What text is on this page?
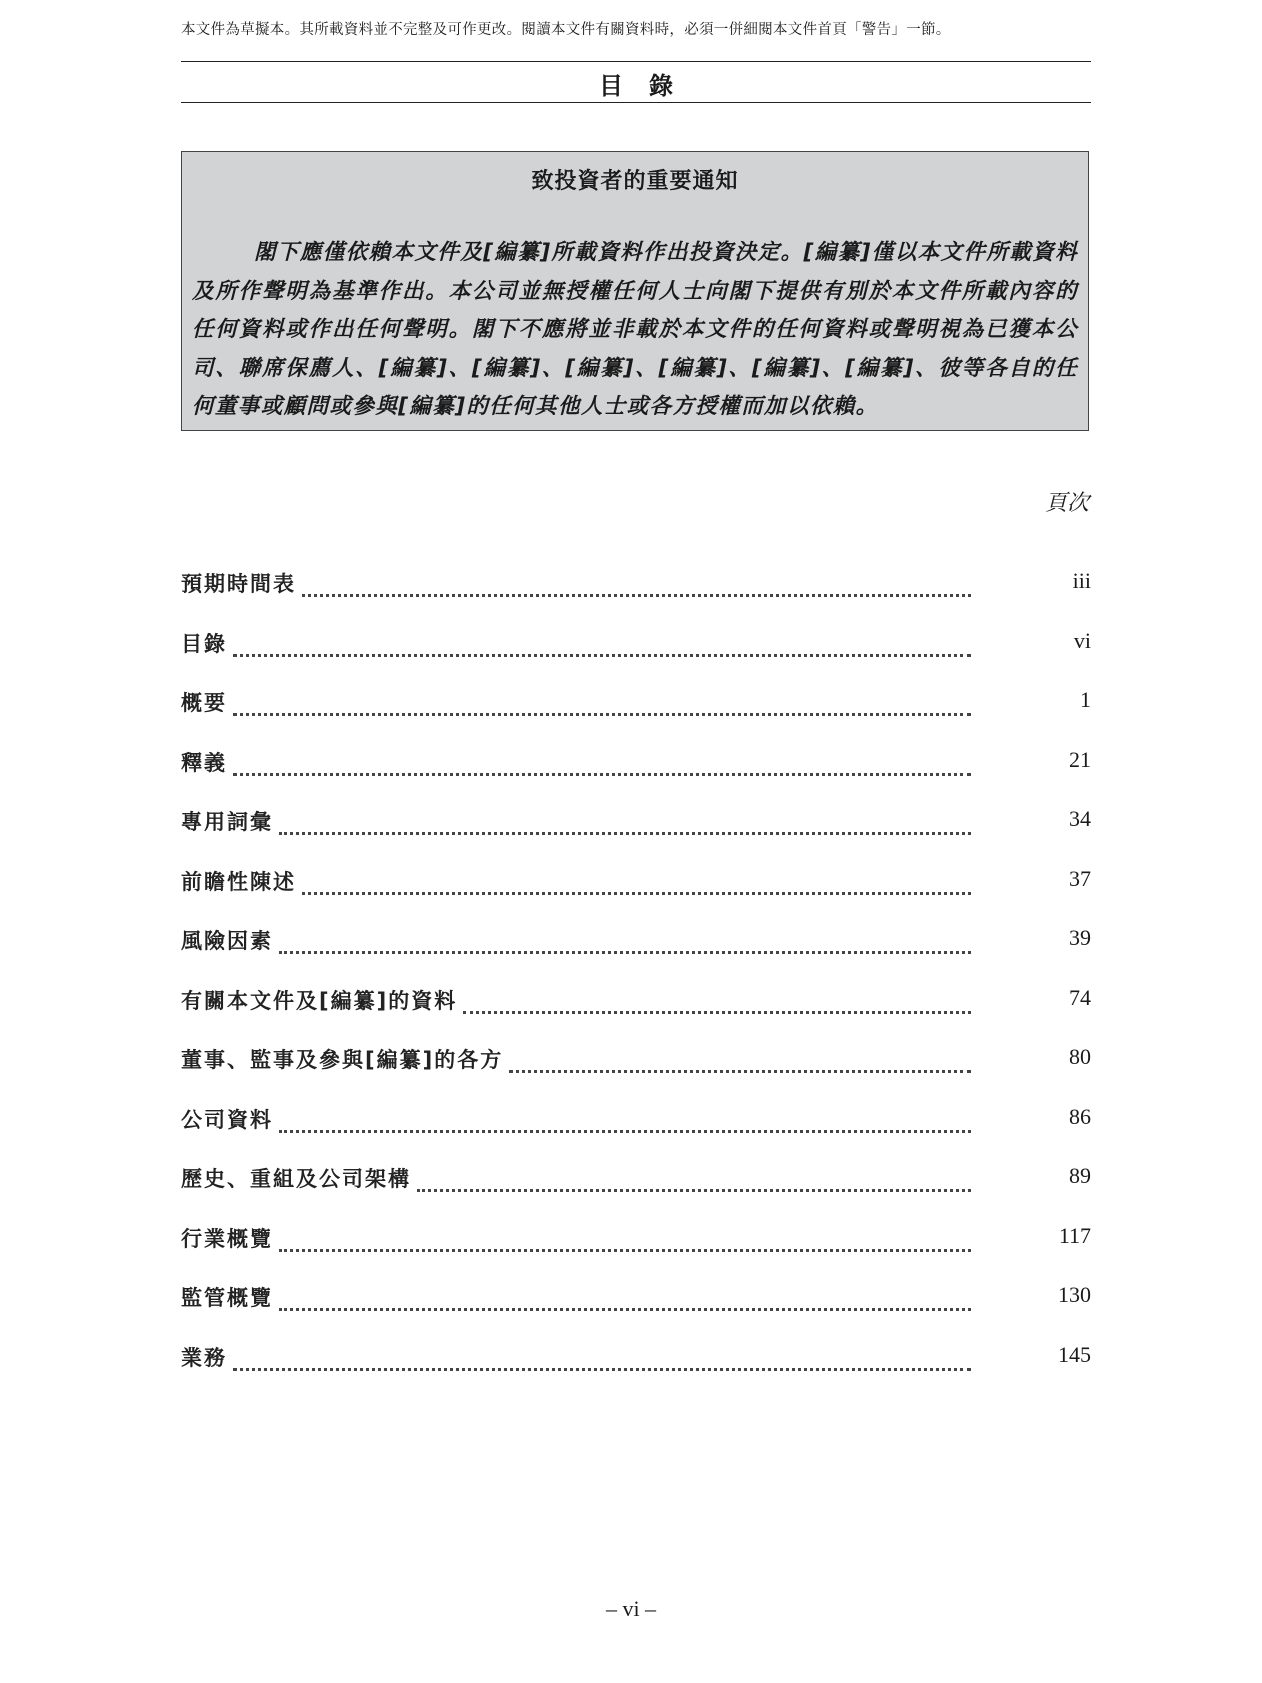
本文件為草擬本。其所載資料並不完整及可作更改。閱讀本文件有關資料時，必須一併細閱本文件首頁「警告」一節。
目錄
致投資者的重要通知
閣下應僅依賴本文件及[編纂]所載資料作出投資決定。[編纂]僅以本文件所載資料及所作聲明為基準作出。本公司並無授權任何人士向閣下提供有別於本文件所載內容的任何資料或作出任何聲明。閣下不應將並非載於本文件的任何資料或聲明視為已獲本公司、聯席保薦人、[編纂]、[編纂]、[編纂]、[編纂]、[編纂]、[編纂]、彼等各自的任何董事或顧問或參與[編纂]的任何其他人士或各方授權而加以依賴。
頁次
預期時間表	iii
目錄	vi
概要	1
釋義	21
專用詞彙	34
前瞻性陳述	37
風險因素	39
有關本文件及[編纂]的資料	74
董事、監事及參與[編纂]的各方	80
公司資料	86
歷史、重組及公司架構	89
行業概覽	117
監管概覽	130
業務	145
– vi –
